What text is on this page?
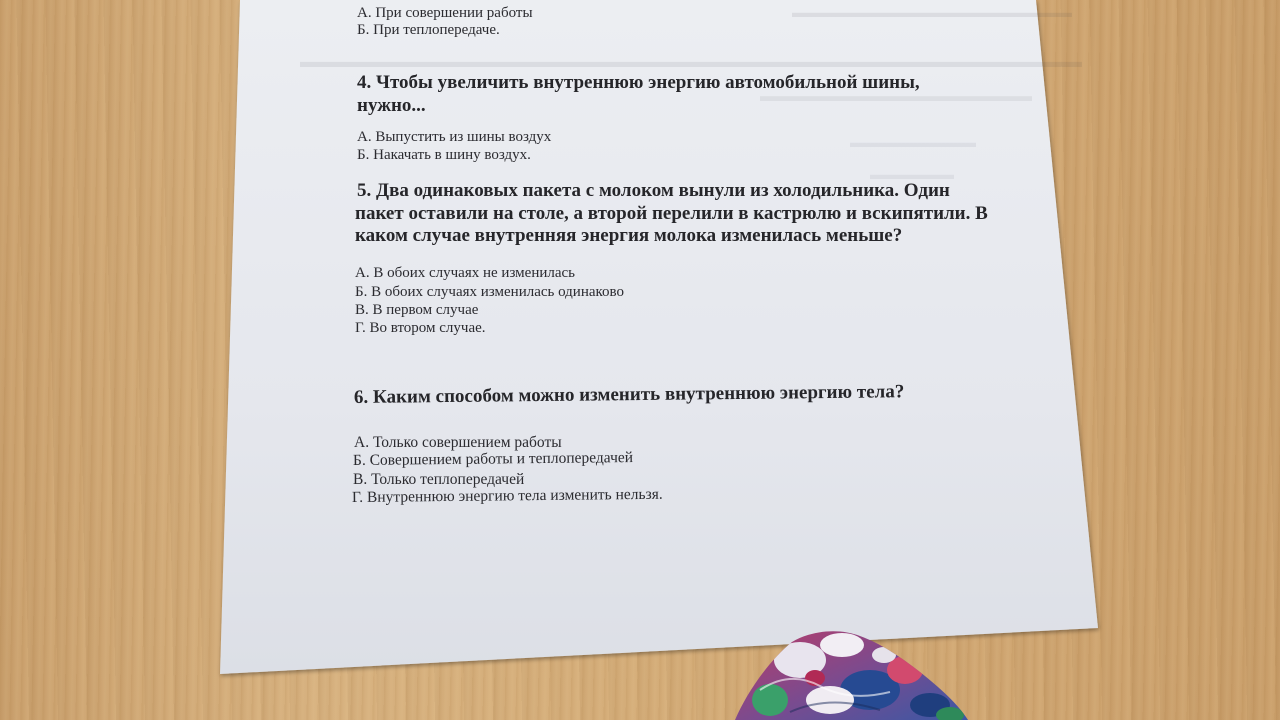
▬▬▬▬▬▬▬▬▬▬▬▬▬▬▬▬▬▬▬▬
▬▬▬▬▬▬▬▬▬▬▬▬▬▬▬▬▬▬▬▬▬▬▬▬▬▬▬▬▬▬▬▬▬▬▬▬▬▬▬▬▬▬▬▬▬▬
▬▬▬▬▬▬▬▬▬▬▬▬▬▬▬▬▬
▬▬▬▬▬▬▬▬▬
▬▬▬▬▬▬
А. При совершении работы
Б. При теплопередаче.
4. Чтобы увеличить внутреннюю энергию автомобильной шины,
нужно...
А. Выпустить из шины воздух
Б. Накачать в шину воздух.
5. Два одинаковых пакета с молоком вынули из холодильника. Один
пакет оставили на столе, а второй перелили в кастрюлю и вскипятили. В
каком случае внутренняя энергия молока изменилась меньше?
А. В обоих случаях не изменилась
Б. В обоих случаях изменилась одинаково
В. В первом случае
Г. Во втором случае.
6. Каким способом можно изменить внутреннюю энергию тела?
А. Только совершением работы
Б. Совершением работы и теплопередачей
В. Только теплопередачей
Г. Внутреннюю энергию тела изменить нельзя.
